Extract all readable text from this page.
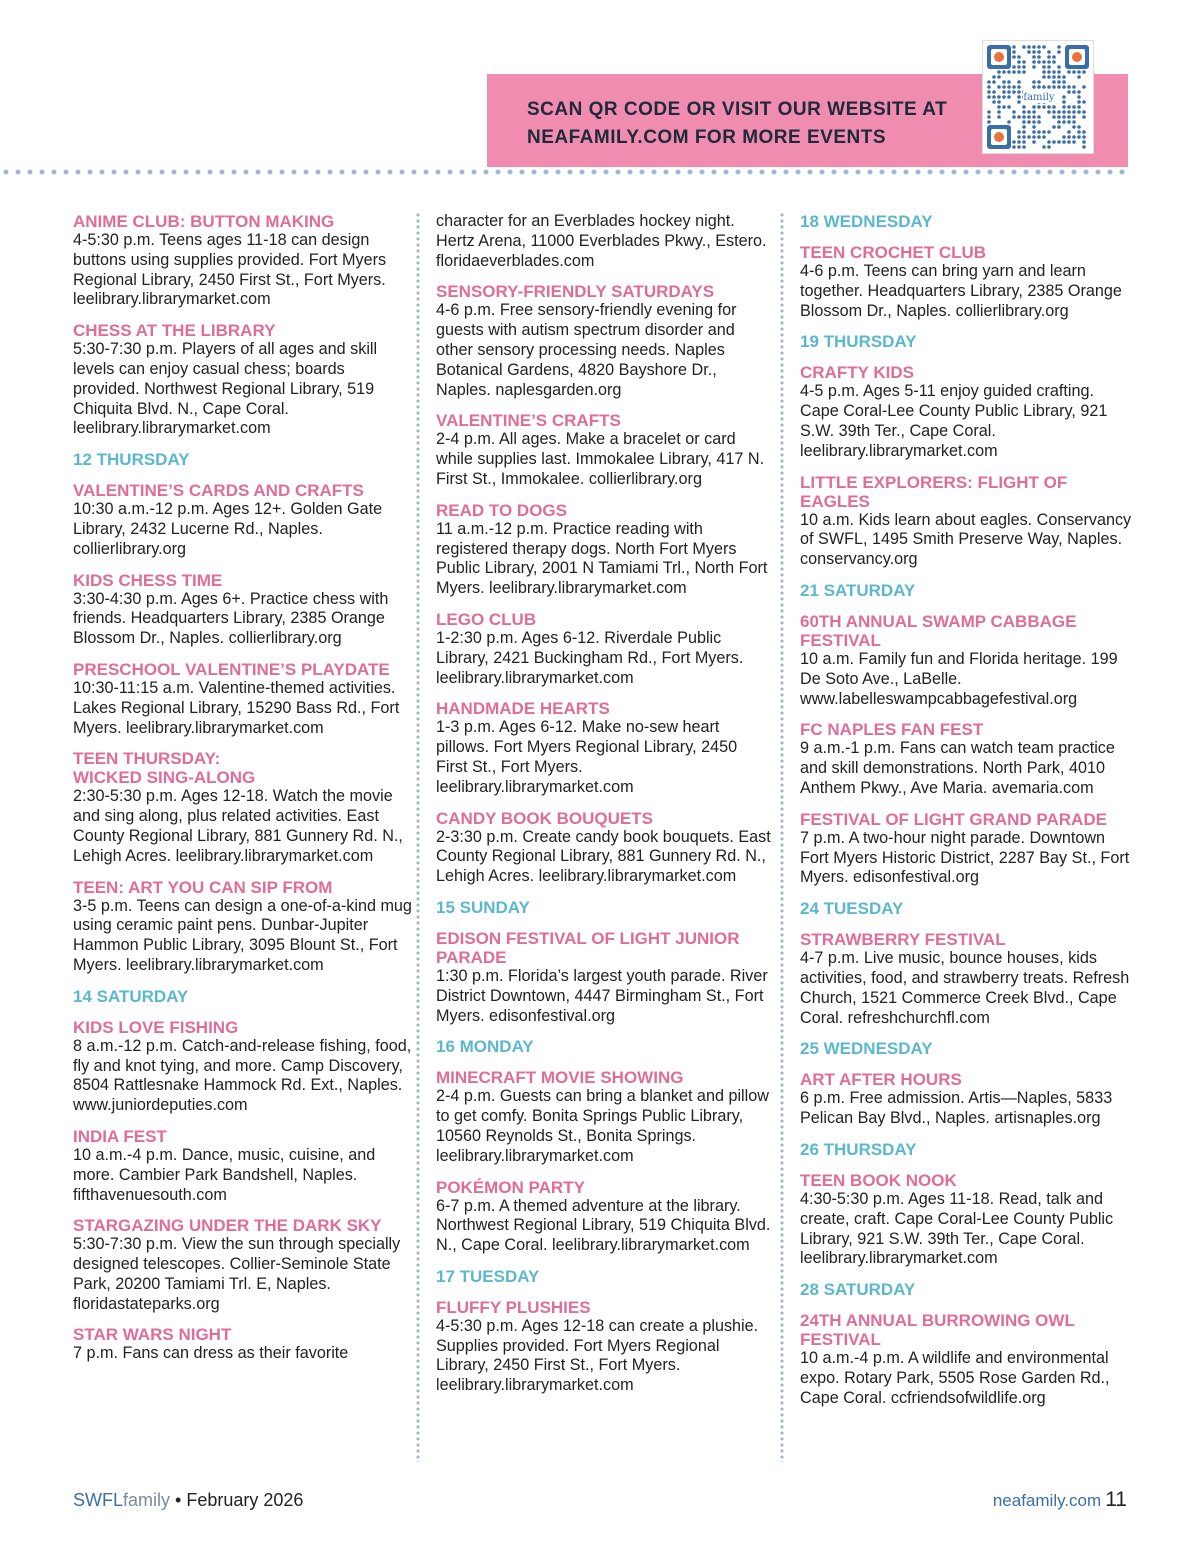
SCAN QR CODE OR VISIT OUR WEBSITE AT
NEAFAMILY.COM FOR MORE EVENTS
family
ANIME CLUB: BUTTON MAKING
4-5:30 p.m. Teens ages 11-18 can design buttons using supplies provided. Fort Myers Regional Library, 2450 First St., Fort Myers. leelibrary.librarymarket.com
CHESS AT THE LIBRARY
5:30-7:30 p.m. Players of all ages and skill levels can enjoy casual chess; boards provided. Northwest Regional Library, 519 Chiquita Blvd. N., Cape Coral. leelibrary.librarymarket.com
12 THURSDAY
VALENTINE’S CARDS AND CRAFTS
10:30 a.m.-12 p.m. Ages 12+. Golden Gate Library, 2432 Lucerne Rd., Naples. collierlibrary.org
KIDS CHESS TIME
3:30-4:30 p.m. Ages 6+. Practice chess with friends. Headquarters Library, 2385 Orange Blossom Dr., Naples. collierlibrary.org
PRESCHOOL VALENTINE’S PLAYDATE
10:30-11:15 a.m. Valentine-themed activities. Lakes Regional Library, 15290 Bass Rd., Fort Myers. leelibrary.librarymarket.com
TEEN THURSDAY:
WICKED SING-ALONG
2:30-5:30 p.m. Ages 12-18. Watch the movie and sing along, plus related activities. East County Regional Library, 881 Gunnery Rd. N., Lehigh Acres. leelibrary.librarymarket.com
TEEN: ART YOU CAN SIP FROM
3-5 p.m. Teens can design a one-of-a-kind mug using ceramic paint pens. Dunbar-Jupiter Hammon Public Library, 3095 Blount St., Fort Myers. leelibrary.librarymarket.com
14 SATURDAY
KIDS LOVE FISHING
8 a.m.-12 p.m. Catch-and-release fishing, food, fly and knot tying, and more. Camp Discovery, 8504 Rattlesnake Hammock Rd. Ext., Naples. www.juniordeputies.com
INDIA FEST
10 a.m.-4 p.m. Dance, music, cuisine, and more. Cambier Park Bandshell, Naples. fifthavenuesouth.com
STARGAZING UNDER THE DARK SKY
5:30-7:30 p.m. View the sun through specially designed telescopes. Collier-Seminole State Park, 20200 Tamiami Trl. E, Naples. floridastateparks.org
STAR WARS NIGHT
7 p.m. Fans can dress as their favorite
character for an Everblades hockey night. Hertz Arena, 11000 Everblades Pkwy., Estero. floridaeverblades.com
SENSORY-FRIENDLY SATURDAYS
4-6 p.m. Free sensory-friendly evening for guests with autism spectrum disorder and other sensory processing needs. Naples Botanical Gardens, 4820 Bayshore Dr., Naples. naplesgarden.org
VALENTINE’S CRAFTS
2-4 p.m. All ages. Make a bracelet or card while supplies last. Immokalee Library, 417 N. First St., Immokalee. collierlibrary.org
READ TO DOGS
11 a.m.-12 p.m. Practice reading with registered therapy dogs. North Fort Myers Public Library, 2001 N Tamiami Trl., North Fort Myers. leelibrary.librarymarket.com
LEGO CLUB
1-2:30 p.m. Ages 6-12. Riverdale Public Library, 2421 Buckingham Rd., Fort Myers. leelibrary.librarymarket.com
HANDMADE HEARTS
1-3 p.m. Ages 6-12. Make no-sew heart pillows. Fort Myers Regional Library, 2450 First St., Fort Myers. leelibrary.librarymarket.com
CANDY BOOK BOUQUETS
2-3:30 p.m. Create candy book bouquets. East County Regional Library, 881 Gunnery Rd. N., Lehigh Acres. leelibrary.librarymarket.com
15 SUNDAY
EDISON FESTIVAL OF LIGHT JUNIOR PARADE
1:30 p.m. Florida’s largest youth parade. River District Downtown, 4447 Birmingham St., Fort Myers. edisonfestival.org
16 MONDAY
MINECRAFT MOVIE SHOWING
2-4 p.m. Guests can bring a blanket and pillow to get comfy. Bonita Springs Public Library, 10560 Reynolds St., Bonita Springs. leelibrary.librarymarket.com
POKÉMON PARTY
6-7 p.m. A themed adventure at the library. Northwest Regional Library, 519 Chiquita Blvd. N., Cape Coral. leelibrary.librarymarket.com
17 TUESDAY
FLUFFY PLUSHIES
4-5:30 p.m. Ages 12-18 can create a plushie. Supplies provided. Fort Myers Regional Library, 2450 First St., Fort Myers. leelibrary.librarymarket.com
18 WEDNESDAY
TEEN CROCHET CLUB
4-6 p.m. Teens can bring yarn and learn together. Headquarters Library, 2385 Orange Blossom Dr., Naples. collierlibrary.org
19 THURSDAY
CRAFTY KIDS
4-5 p.m. Ages 5-11 enjoy guided crafting. Cape Coral-Lee County Public Library, 921 S.W. 39th Ter., Cape Coral. leelibrary.librarymarket.com
LITTLE EXPLORERS: FLIGHT OF EAGLES
10 a.m. Kids learn about eagles. Conservancy of SWFL, 1495 Smith Preserve Way, Naples. conservancy.org
21 SATURDAY
60TH ANNUAL SWAMP CABBAGE FESTIVAL
10 a.m. Family fun and Florida heritage. 199 De Soto Ave., LaBelle. www.labelleswampcabbagefestival.org
FC NAPLES FAN FEST
9 a.m.-1 p.m. Fans can watch team practice and skill demonstrations. North Park, 4010 Anthem Pkwy., Ave Maria. avemaria.com
FESTIVAL OF LIGHT GRAND PARADE
7 p.m. A two-hour night parade. Downtown Fort Myers Historic District, 2287 Bay St., Fort Myers. edisonfestival.org
24 TUESDAY
STRAWBERRY FESTIVAL
4-7 p.m. Live music, bounce houses, kids activities, food, and strawberry treats. Refresh Church, 1521 Commerce Creek Blvd., Cape Coral. refreshchurchfl.com
25 WEDNESDAY
ART AFTER HOURS
6 p.m. Free admission. Artis—Naples, 5833 Pelican Bay Blvd., Naples. artisnaples.org
26 THURSDAY
TEEN BOOK NOOK
4:30-5:30 p.m. Ages 11-18. Read, talk and create, craft. Cape Coral-Lee County Public Library, 921 S.W. 39th Ter., Cape Coral. leelibrary.librarymarket.com
28 SATURDAY
24TH ANNUAL BURROWING OWL FESTIVAL
10 a.m.-4 p.m. A wildlife and environmental expo. Rotary Park, 5505 Rose Garden Rd., Cape Coral. ccfriendsofwildlife.org
SWFLfamily • February 2026	neafamily.com 11
